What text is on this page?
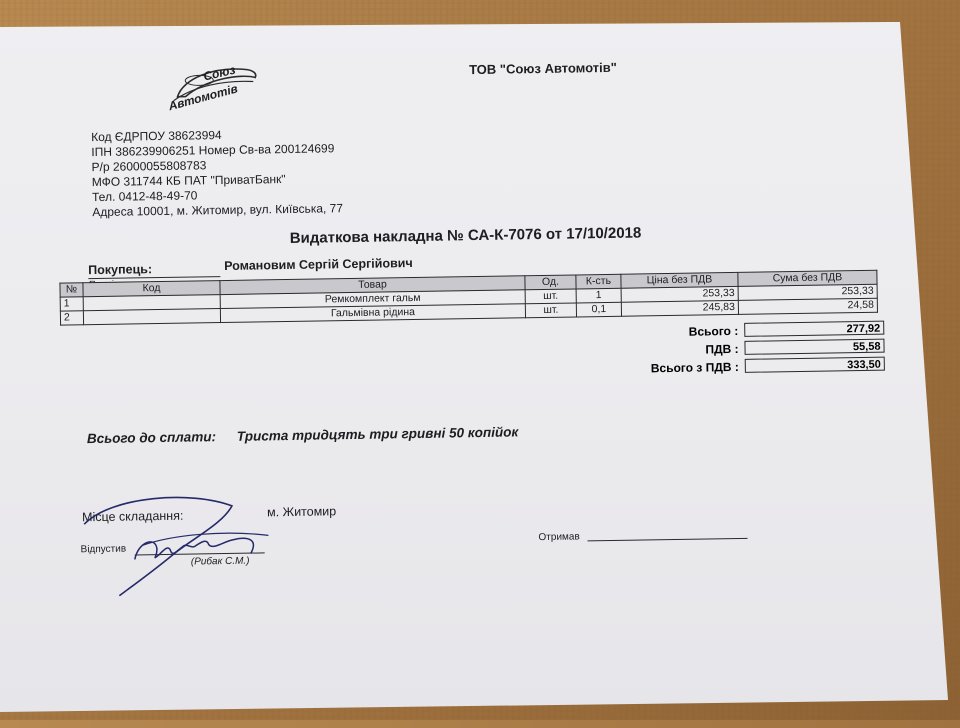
Союз
Автомотів
ТОВ "Союз Автомотів"
Код ЄДРПОУ 38623994
ІПН 386239906251 Номер Св-ва 200124699
Р/р 26000055808783
МФО 311744 КБ ПАТ "ПриватБанк"
Тел. 0412-48-49-70
Адреса 10001, м. Житомир, вул. Київська, 77
Видаткова накладна № СА-К-7076 от 17/10/2018
Покупець:	Романовим Сергій Сергійович
№	Код	Товар	Од.	К-сть	Ціна без ПДВ	Сума без ПДВ
1		Ремкомплект гальм	шт.	1	253,33	253,33
2		Гальмівна рідина	шт.	0,1	245,83	24,58
Всього :	277,92
ПДВ :	55,58
Всього з ПДВ :	333,50
Всього до сплати: Триста тридцять три гривні 50 копійок
Місце складання:	м. Житомир
Відпустив
(Рибак С.М.)
Отримав
